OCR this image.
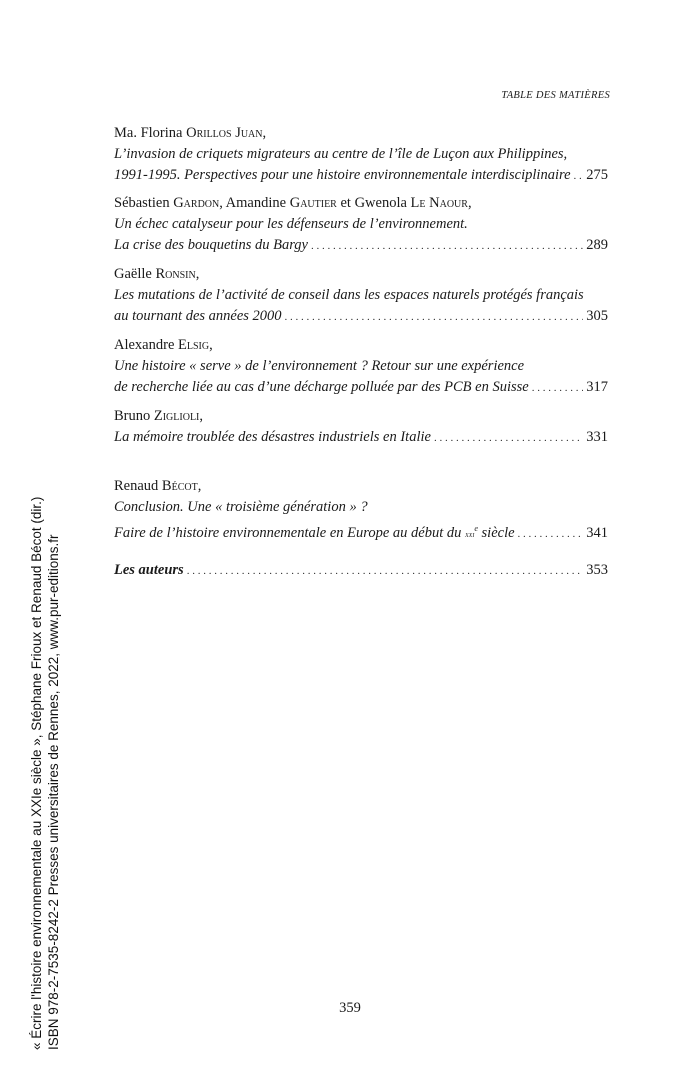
TABLE DES MATIÈRES

Ma. Florina Orillos Juan,

L’invasion de criquets migrateurs au centre de l’île de Luçon aux Philippines,

1991-1995. Perspectives pour une histoire environnementale interdisciplinaire . . . 275

Sébastien Gardon, Amandine Gautier et Gwenola Le Naour,

Un échec catalyseur pour les défenseurs de l’environnement.

La crise des bouquetins du Bargy . . .	289

Gaëlle Ronsin,

Les mutations de l’activité de conseil dans les espaces naturels protégés français

au tournant des années 2000 . . .	305

Alexandre Elsig,

Une histoire « serve » de l’environnement ? Retour sur une expérience

de recherche liée au cas d’une décharge polluée par des PCB en Suisse . . .	317

Bruno Ziglioli,

La mémoire troublée des désastres industriels en Italie . . .	331

Renaud Bécot,

Conclusion. Une « troisième génération » ?

Faire de l’histoire environnementale en Europe au début du xxi$^e$ siècle . . .	341
Les auteurs . . .	353
« Écrire l'histoire environnementale au XXIe siècle », Stéphane Frioux et Renaud Bécot (dir.) ISBN 978-2-7535-8242-2 Presses universitaires de Rennes, 2022, www.pur-editions.fr	359
